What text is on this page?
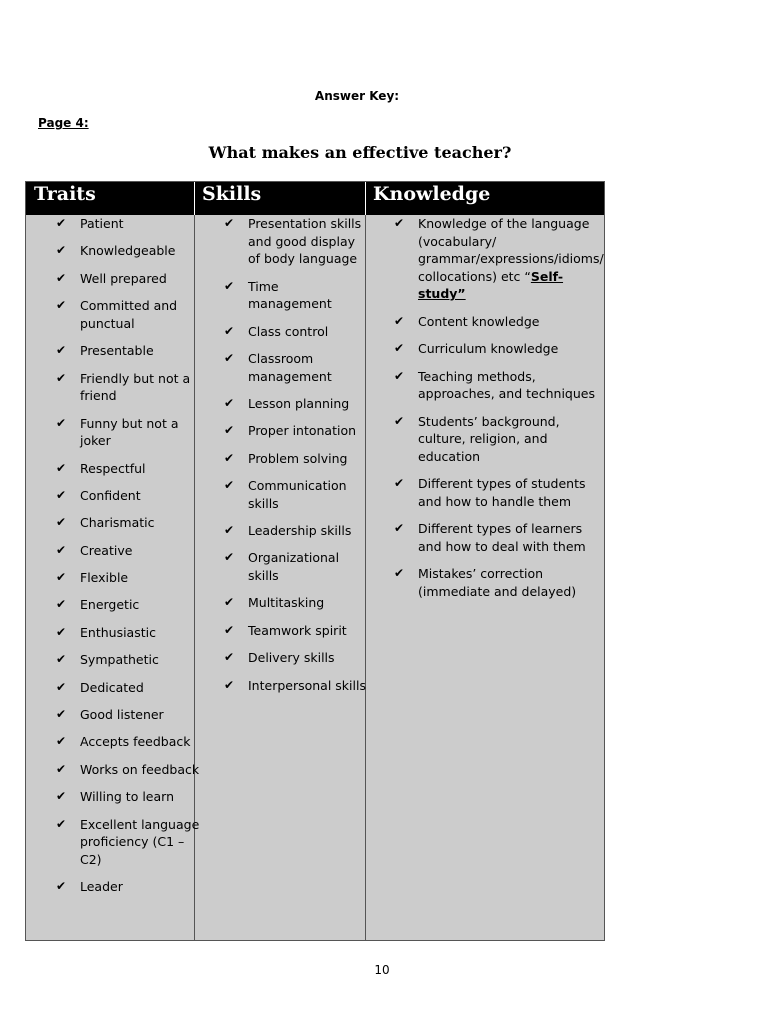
Answer Key:
Page 4:
What makes an effective teacher?
Traits	Skills	Knowledge
✔ Patient
✔ Knowledgeable
✔ Well prepared
✔ Committed and punctual
✔ Presentable
✔ Friendly but not a friend
✔ Funny but not a joker
✔ Respectful
✔ Confident
✔ Charismatic
✔ Creative
✔ Flexible
✔ Energetic
✔ Enthusiastic
✔ Sympathetic
✔ Dedicated
✔ Good listener
✔ Accepts feedback
✔ Works on feedback
✔ Willing to learn
✔ Excellent language proficiency (C1 – C2)
✔ Leader
✔ Presentation skills and good display of body language
✔ Time management
✔ Class control
✔ Classroom management
✔ Lesson planning
✔ Proper intonation
✔ Problem solving
✔ Communication skills
✔ Leadership skills
✔ Organizational skills
✔ Multitasking
✔ Teamwork spirit
✔ Delivery skills
✔ Interpersonal skills
✔ Knowledge of the language (vocabulary/ grammar/expressions/idioms/ collocations) etc “Self-study”
✔ Content knowledge
✔ Curriculum knowledge
✔ Teaching methods, approaches, and techniques
✔ Students’ background, culture, religion, and education
✔ Different types of students and how to handle them
✔ Different types of learners and how to deal with them
✔ Mistakes’ correction (immediate and delayed)
10
